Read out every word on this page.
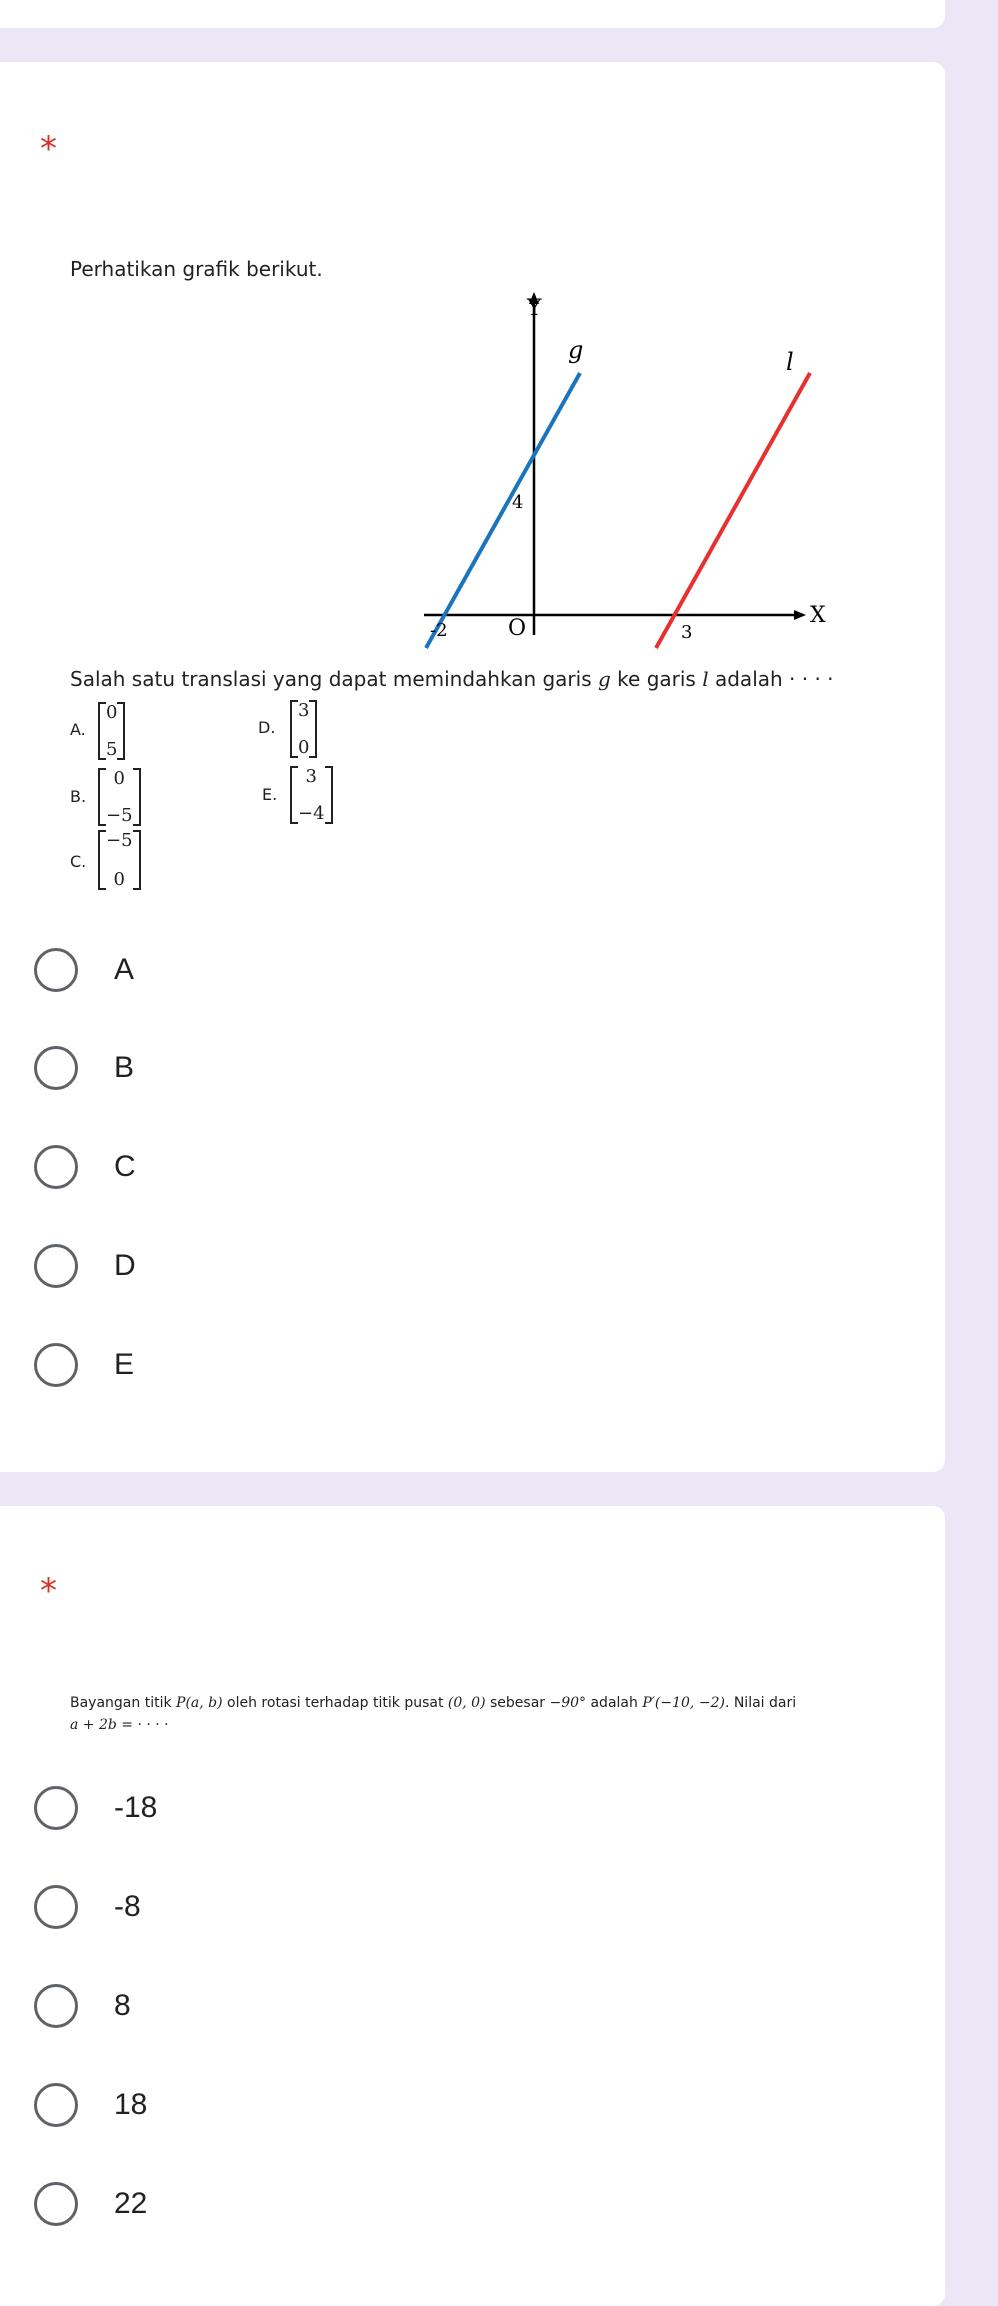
*
Perhatikan grafik berikut.
Y
X
O
g	l
4
-2	3
Salah satu translasi yang dapat memindahkan garis g ke garis l adalah · · · ·
A.
0
5
B.
0
−5
C.
−5
0
D.
3
0
E.
3
−4
A
B
C
D
E
*
Bayangan titik P(a, b) oleh rotasi terhadap titik pusat (0, 0) sebesar −90° adalah P′(−10, −2). Nilai dari
a + 2b = · · · ·
-18
-8
8
18
22
